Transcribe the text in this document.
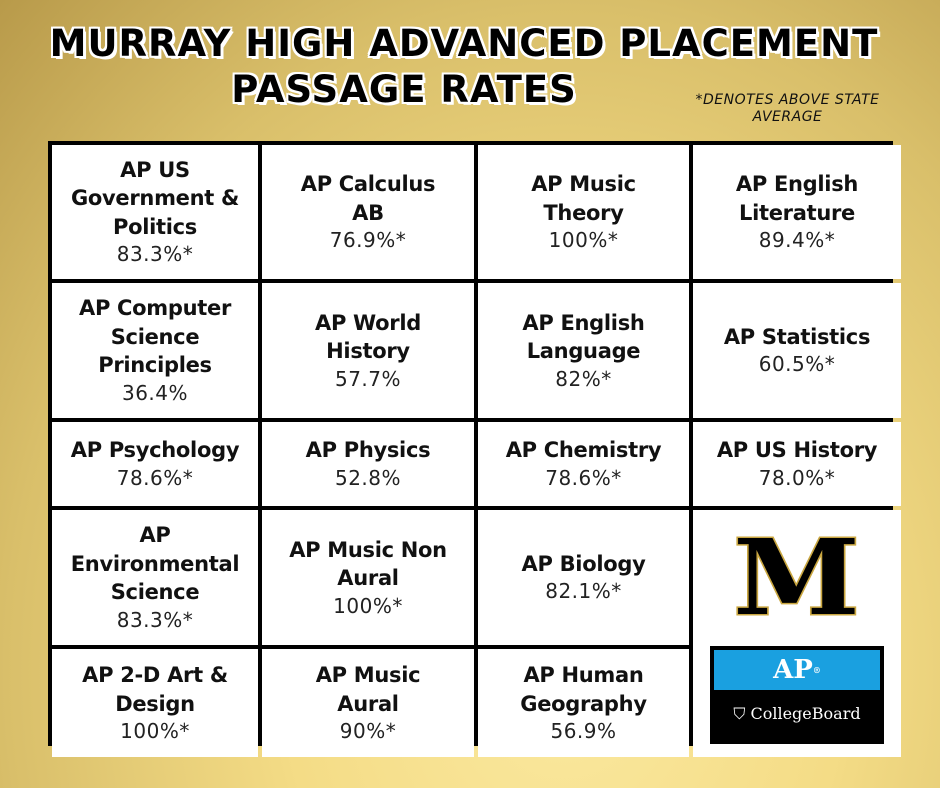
MURRAY HIGH ADVANCED PLACEMENT
PASSAGE RATES	*DENOTES ABOVE STATE AVERAGE
AP US
Government &
Politics
83.3%*
AP Calculus
AB
76.9%*
AP Music
Theory
100%*
AP English
Literature
89.4%*
AP Computer
Science
Principles
36.4%
AP World
History
57.7%
AP English
Language
82%*
AP Statistics
60.5%*
AP Psychology
78.6%*
AP Physics
52.8%
AP Chemistry
78.6%*
AP US History
78.0%*
AP
Environmental
Science
83.3%*
AP Music Non
Aural
100%*
AP Biology
82.1%*
AP 2-D Art &
Design
100%*
AP Music
Aural
90%*
AP Human
Geography
56.9%
M
AP ®
⛉ CollegeBoard
